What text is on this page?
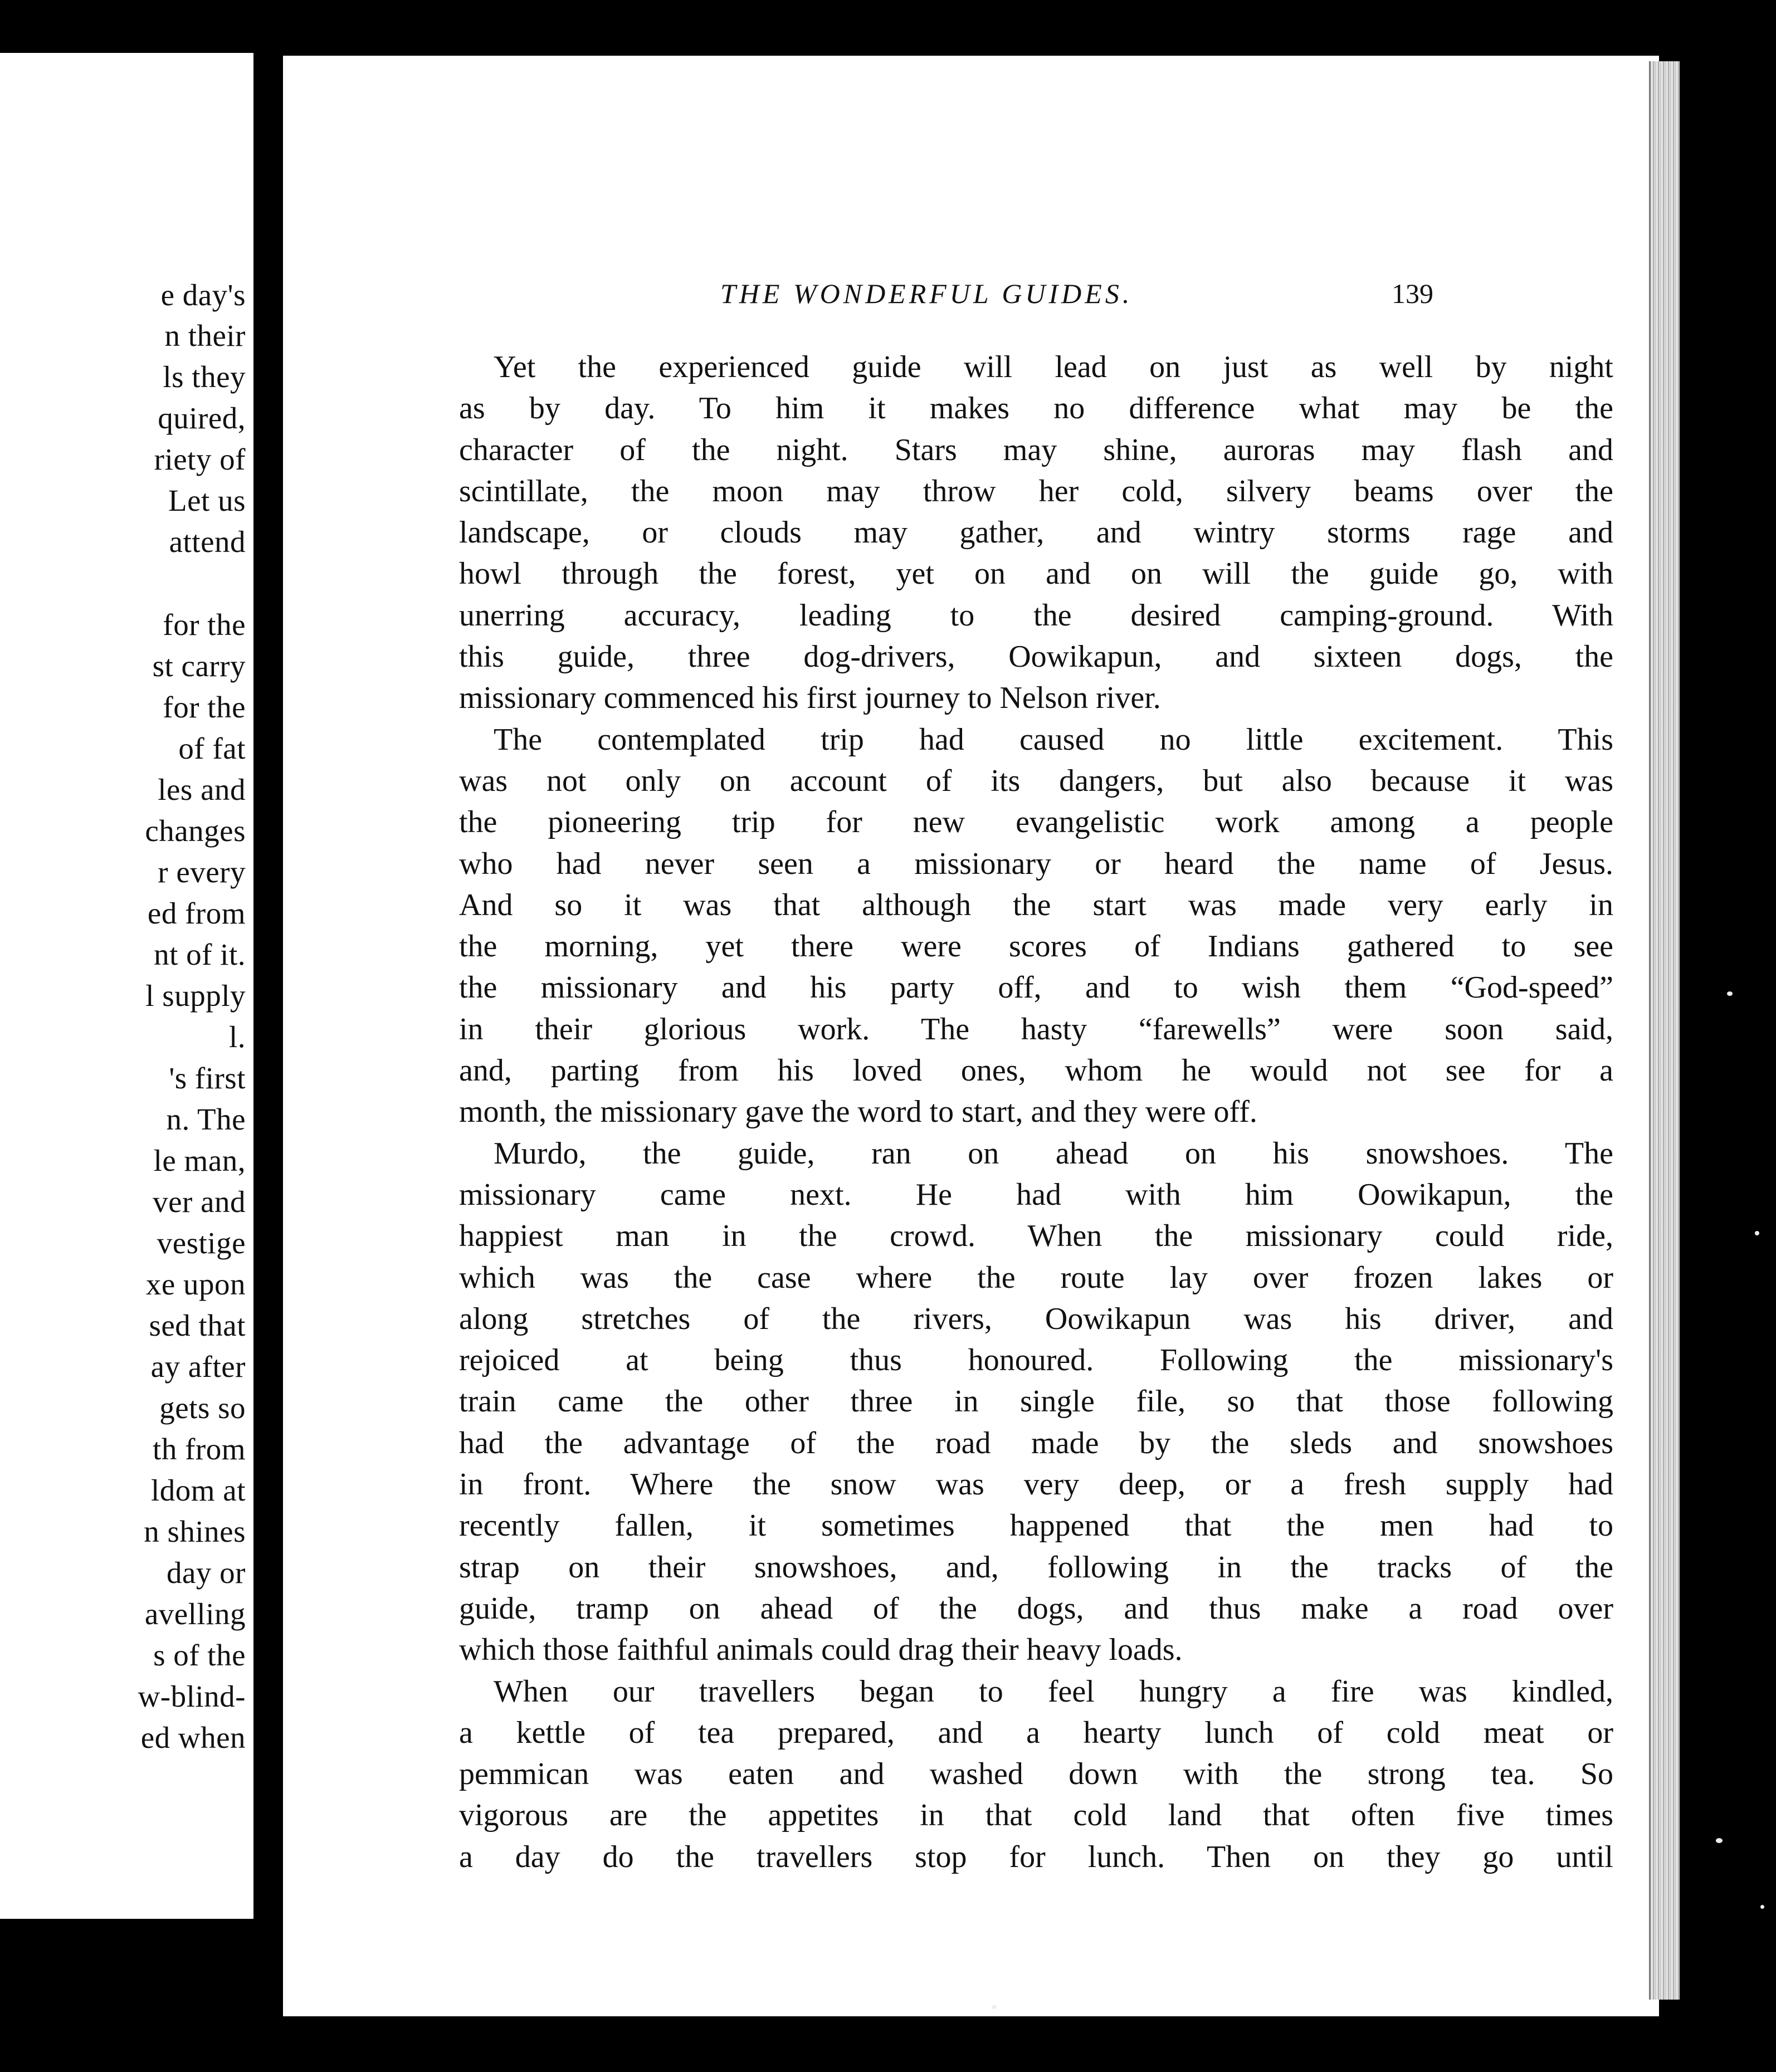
e day's
n their
ls they
quired,
riety of
Let us
attend
for the
st carry
for the
of fat
les and
changes
r every
ed from
nt of it.
l supply
l.
's first
n. The
le man,
ver and
vestige
xe upon
sed that
ay after
gets so
th from
ldom at
n shines
day or
avelling
s of the
w-blind-
ed when
THE WONDERFUL GUIDES.	139

Yet the experienced guide will lead on just as well by night

as by day. To him it makes no difference what may be the

character of the night. Stars may shine, auroras may flash and

scintillate, the moon may throw her cold, silvery beams over the

landscape, or clouds may gather, and wintry storms rage and

howl through the forest, yet on and on will the guide go, with

unerring accuracy, leading to the desired camping-ground. With

this guide, three dog-drivers, Oowikapun, and sixteen dogs, the

missionary commenced his first journey to Nelson river.

The contemplated trip had caused no little excitement. This

was not only on account of its dangers, but also because it was

the pioneering trip for new evangelistic work among a people

who had never seen a missionary or heard the name of Jesus.

And so it was that although the start was made very early in

the morning, yet there were scores of Indians gathered to see

the missionary and his party off, and to wish them “God-speed”

in their glorious work. The hasty “farewells” were soon said,

and, parting from his loved ones, whom he would not see for a

month, the missionary gave the word to start, and they were off.

Murdo, the guide, ran on ahead on his snowshoes. The

missionary came next. He had with him Oowikapun, the

happiest man in the crowd. When the missionary could ride,

which was the case where the route lay over frozen lakes or

along stretches of the rivers, Oowikapun was his driver, and

rejoiced at being thus honoured. Following the missionary's

train came the other three in single file, so that those following

had the advantage of the road made by the sleds and snowshoes

in front. Where the snow was very deep, or a fresh supply had

recently fallen, it sometimes happened that the men had to

strap on their snowshoes, and, following in the tracks of the

guide, tramp on ahead of the dogs, and thus make a road over

which those faithful animals could drag their heavy loads.

When our travellers began to feel hungry a fire was kindled,

a kettle of tea prepared, and a hearty lunch of cold meat or

pemmican was eaten and washed down with the strong tea. So

vigorous are the appetites in that cold land that often five times

a day do the travellers stop for lunch. Then on they go until
